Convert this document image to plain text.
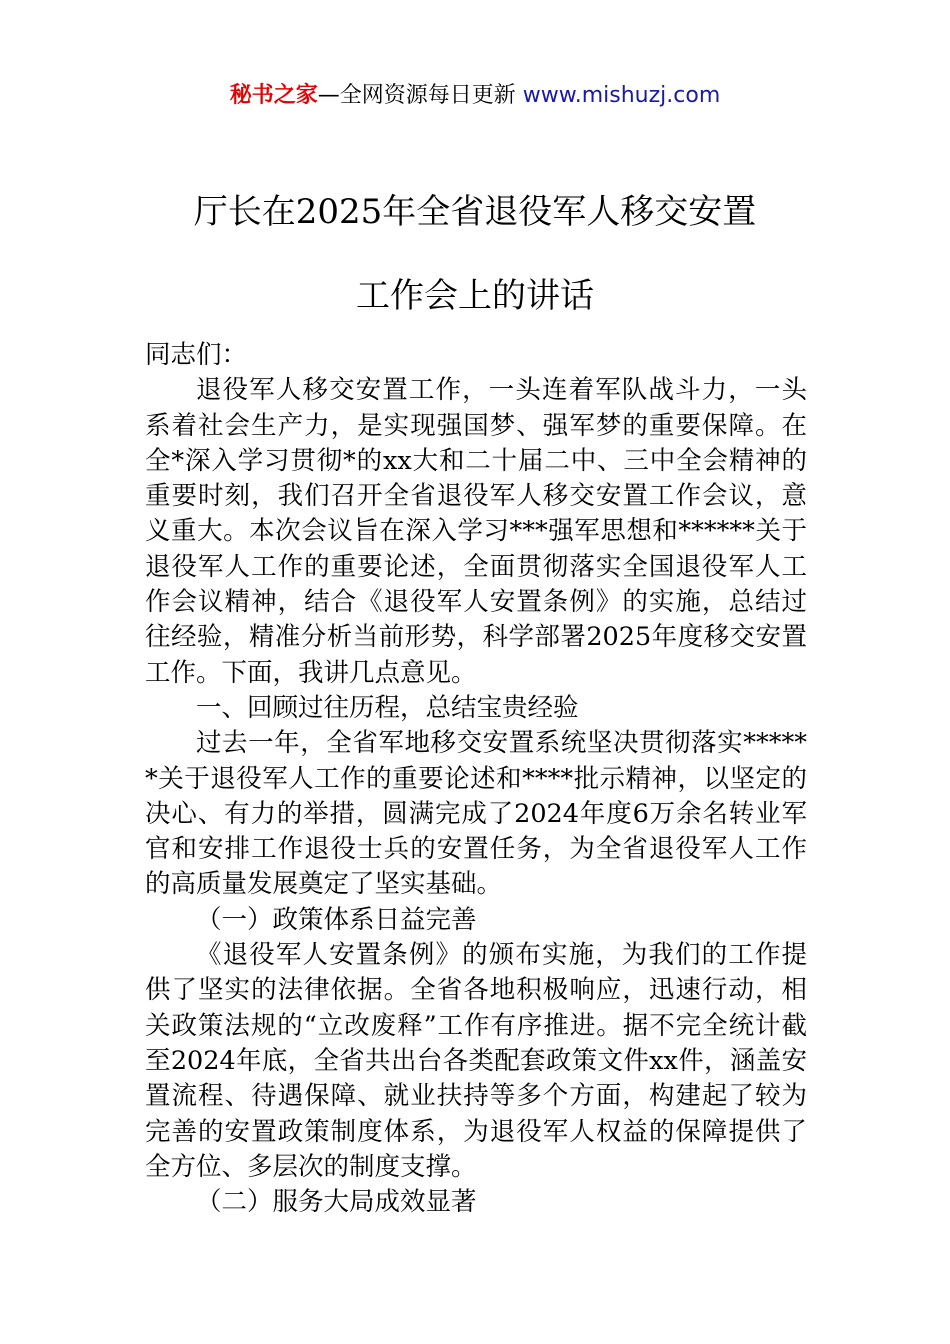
秘书之家—全网资源每日更新 www.mishuzj.com
厅长在2025年全省退役军人移交安置
工作会上的讲话

同志们：

退役军人移交安置工作，一头连着军队战斗力，一头系着社会生产力，是实现强国梦、强军梦的重要保障。在全*深入学习贯彻*的xx大和二十届二中、三中全会精神的重要时刻，我们召开全省退役军人移交安置工作会议，意义重大。本次会议旨在深入学习***强军思想和******关于退役军人工作的重要论述，全面贯彻落实全国退役军人工作会议精神，结合《退役军人安置条例》的实施，总结过往经验，精准分析当前形势，科学部署2025年度移交安置工作。下面，我讲几点意见。

一、回顾过往历程，总结宝贵经验

过去一年，全省军地移交安置系统坚决贯彻落实******关于退役军人工作的重要论述和****批示精神，以坚定的决心、有力的举措，圆满完成了2024年度6万余名转业军官和安排工作退役士兵的安置任务，为全省退役军人工作的高质量发展奠定了坚实基础。

（一）政策体系日益完善

《退役军人安置条例》的颁布实施，为我们的工作提供了坚实的法律依据。全省各地积极响应，迅速行动，相关政策法规的“立改废释”工作有序推进。据不完全统计截至2024年底，全省共出台各类配套政策文件xx件，涵盖安置流程、待遇保障、就业扶持等多个方面，构建起了较为完善的安置政策制度体系，为退役军人权益的保障提供了全方位、多层次的制度支撑。

（二）服务大局成效显著
